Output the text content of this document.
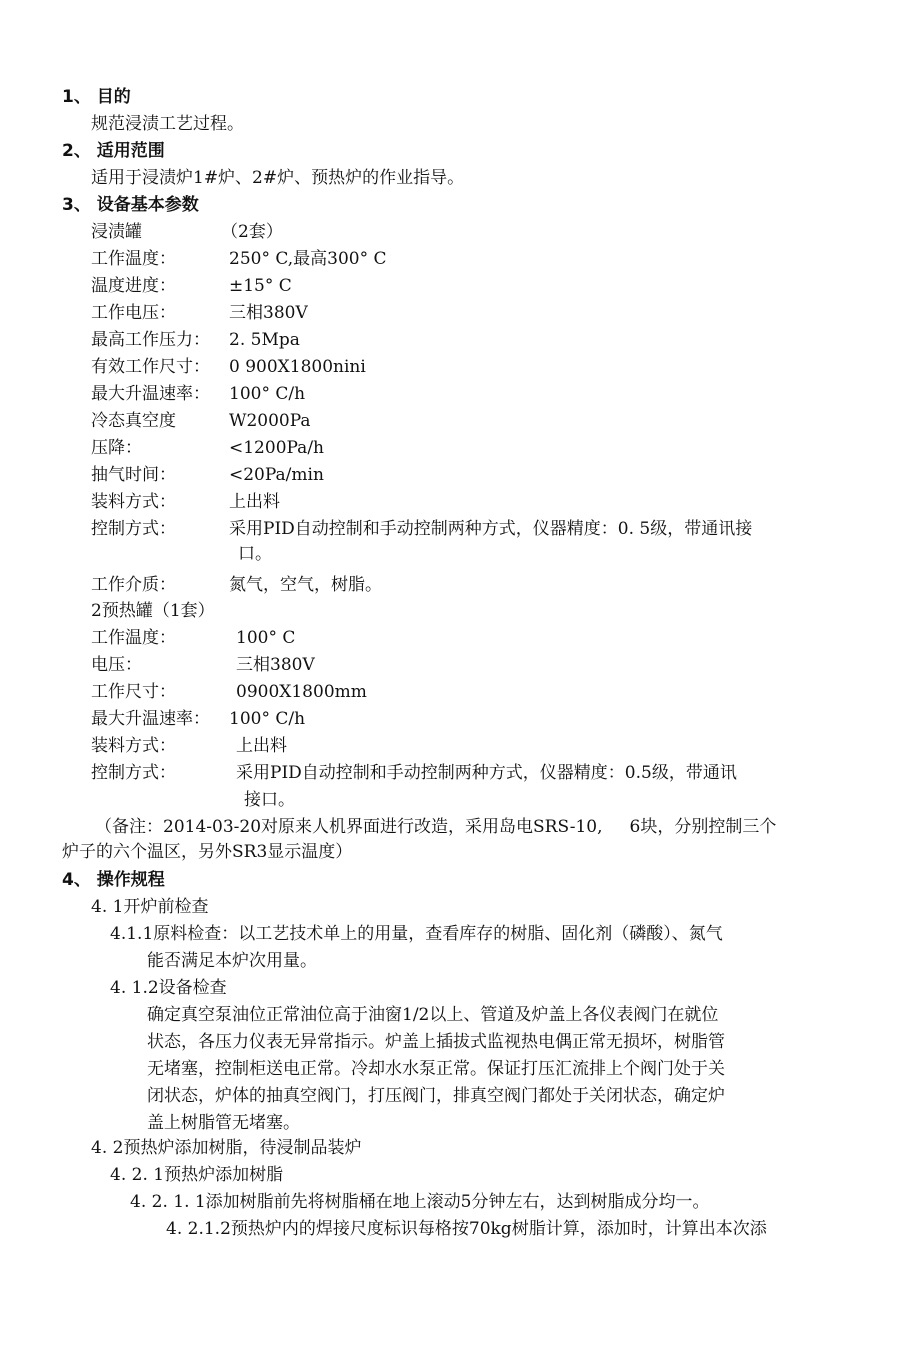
1、 目的
规范浸渍工艺过程。
2、 适用范围
适用于浸渍炉1#炉、2#炉、预热炉的作业指导。
3、 设备基本参数
浸渍罐	（2套）
工作温度：	250° C,最高300° C
温度进度：	±15° C
工作电压：	三相380V
最高工作压力： 2. 5Mpa
有效工作尺寸： 0 900X1800nini
最大升温速率： 100° C/h
冷态真空度	W2000Pa
压降：	<1200Pa/h
抽气时间：	<20Pa/min
装料方式：	上出料
控制方式：	采用PID自动控制和手动控制两种方式，仪器精度：0. 5级，带通讯接
口。
工作介质：	氮气，空气，树脂。
2预热罐（1套）
工作温度：	100° C
电压：	三相380V
工作尺寸：	0900X1800mm
最大升温速率： 100° C/h
装料方式：	上出料
控制方式：	采用PID自动控制和手动控制两种方式，仪器精度：0.5级，带通讯
接口。
（备注：2014-03-20对原来人机界面进行改造，采用岛电SRS-10,     6块，分别控制三个
炉子的六个温区，另外SR3显示温度）
4、 操作规程
4. 1开炉前检查
4.1.1原料检查：以工艺技术单上的用量，查看库存的树脂、固化剂（磷酸）、氮气
能否满足本炉次用量。
4. 1.2设备检查
确定真空泵油位正常油位高于油窗1/2以上、管道及炉盖上各仪表阀门在就位
状态，各压力仪表无异常指示。炉盖上插拔式监视热电偶正常无损坏，树脂管
无堵塞，控制柜送电正常。冷却水水泵正常。保证打压汇流排上个阀门处于关
闭状态，炉体的抽真空阀门，打压阀门，排真空阀门都处于关闭状态，确定炉
盖上树脂管无堵塞。
4. 2预热炉添加树脂，待浸制品装炉
4. 2. 1预热炉添加树脂
4. 2. 1. 1添加树脂前先将树脂桶在地上滚动5分钟左右，达到树脂成分均一。
4. 2.1.2预热炉内的焊接尺度标识每格按70kg树脂计算，添加时，计算出本次添
